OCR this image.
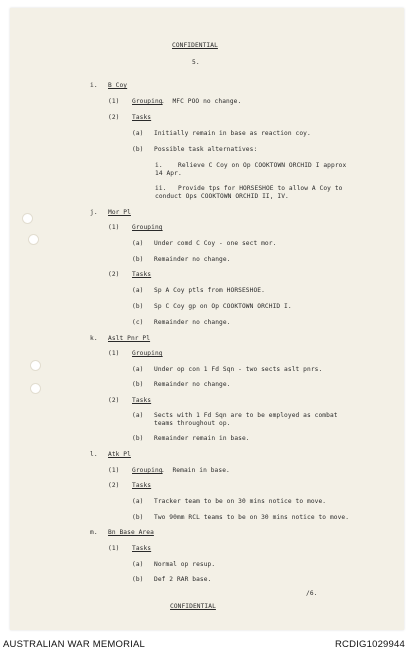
CONFIDENTIAL
5.
i. B Coy
(1) Grouping
.  MFC POO no change.
(2) Tasks
(a) Initially remain in base as reaction coy.
(b) Possible task alternatives:
i. Relieve C Coy on Op COOKTOWN ORCHID I approx
14 Apr.
ii. Provide tps for HORSESHOE to allow A Coy to
conduct Ops COOKTOWN ORCHID II, IV.
j. Mor Pl
(1) Grouping
(a) Under comd C Coy - one sect mor.
(b) Remainder no change.
(2) Tasks
(a) Sp A Coy ptls from HORSESHOE.
(b) Sp C Coy gp on Op COOKTOWN ORCHID I.
(c) Remainder no change.
k. Aslt Pnr Pl
(1) Grouping
(a) Under op con 1 Fd Sqn - two sects aslt pnrs.
(b) Remainder no change.
(2) Tasks
(a) Sects with 1 Fd Sqn are to be employed as combat
teams throughout op.
(b) Remainder remain in base.
l. Atk Pl
(1) Grouping
.  Remain in base.
(2) Tasks
(a) Tracker team to be on 30 mins notice to move.
(b) Two 90mm RCL teams to be on 30 mins notice to move.
m. Bn Base Area
(1) Tasks
(a) Normal op resup.
(b) Def 2 RAR base.
/6.
CONFIDENTIAL
AUSTRALIAN WAR MEMORIAL	RCDIG1029944
